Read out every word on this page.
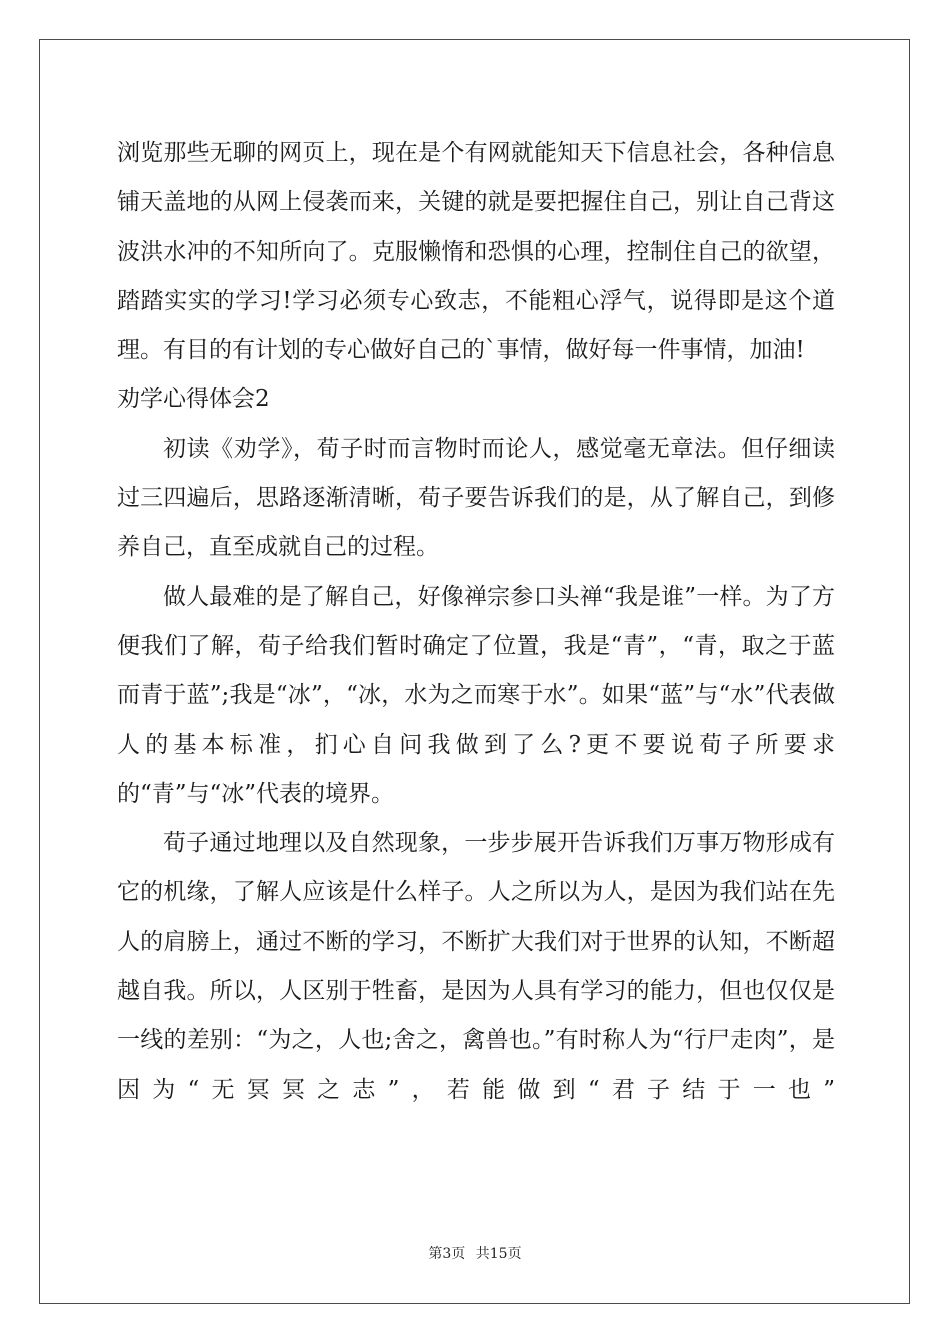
浏览那些无聊的网页上，现在是个有网就能知天下信息社会，各种信息铺天盖地的从网上侵袭而来，关键的就是要把握住自己，别让自己背这波洪水冲的不知所向了。克服懒惰和恐惧的心理，控制住自己的欲望，踏踏实实的学习!学习必须专心致志，不能粗心浮气，说得即是这个道理。有目的有计划的专心做好自己的`事情，做好每一件事情，加油!

劝学心得体会2

初读《劝学》，荀子时而言物时而论人，感觉毫无章法。但仔细读过三四遍后，思路逐渐清晰，荀子要告诉我们的是，从了解自己，到修养自己，直至成就自己的过程。

做人最难的是了解自己，好像禅宗参口头禅“我是谁”一样。为了方便我们了解，荀子给我们暂时确定了位置，我是“青”，“青，取之于蓝而青于蓝”;我是“冰”，“冰，水为之而寒于水”。如果“蓝”与“水”代表做人的基本标准，扪心自问我做到了么?更不要说荀子所要求的“青”与“冰”代表的境界。

荀子通过地理以及自然现象，一步步展开告诉我们万事万物形成有它的机缘，了解人应该是什么样子。人之所以为人，是因为我们站在先人的肩膀上，通过不断的学习，不断扩大我们对于世界的认知，不断超越自我。所以，人区别于牲畜，是因为人具有学习的能力，但也仅仅是一线的差别：“为之，人也;舍之，禽兽也。”有时称人为“行尸走肉”，是因为“无冥冥之志”，若能做到“君子结于一也”

第3页 共15页
